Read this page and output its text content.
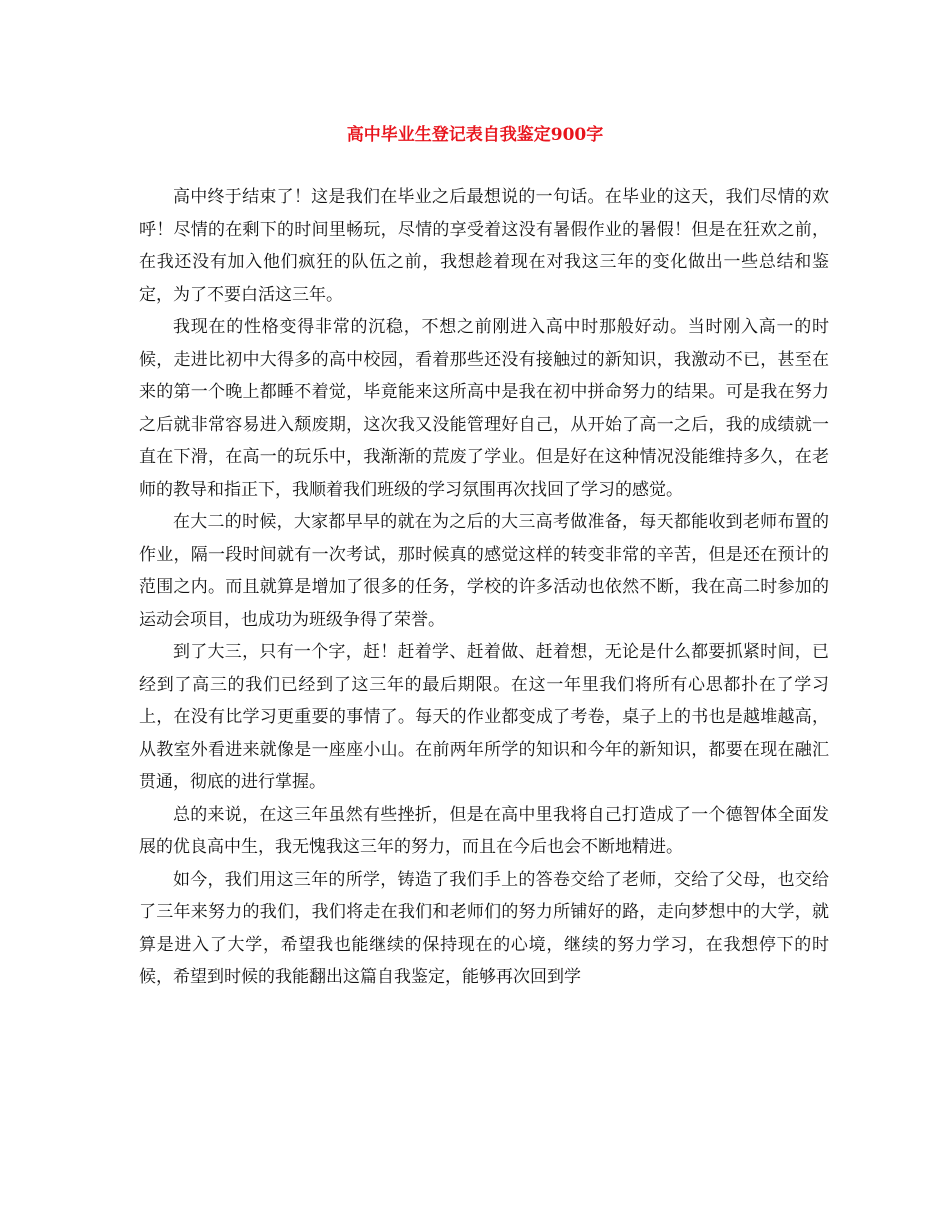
高中毕业生登记表自我鉴定900字

高中终于结束了！这是我们在毕业之后最想说的一句话。在毕业的这天，我们尽情的欢呼！尽情的在剩下的时间里畅玩，尽情的享受着这没有暑假作业的暑假！但是在狂欢之前，在我还没有加入他们疯狂的队伍之前，我想趁着现在对我这三年的变化做出一些总结和鉴定，为了不要白活这三年。

我现在的性格变得非常的沉稳，不想之前刚进入高中时那般好动。当时刚入高一的时候，走进比初中大得多的高中校园，看着那些还没有接触过的新知识，我激动不已，甚至在来的第一个晚上都睡不着觉，毕竟能来这所高中是我在初中拼命努力的结果。可是我在努力之后就非常容易进入颓废期，这次我又没能管理好自己，从开始了高一之后，我的成绩就一直在下滑，在高一的玩乐中，我渐渐的荒废了学业。但是好在这种情况没能维持多久，在老师的教导和指正下，我顺着我们班级的学习氛围再次找回了学习的感觉。

在大二的时候，大家都早早的就在为之后的大三高考做准备，每天都能收到老师布置的作业，隔一段时间就有一次考试，那时候真的感觉这样的转变非常的辛苦，但是还在预计的范围之内。而且就算是增加了很多的任务，学校的许多活动也依然不断，我在高二时参加的运动会项目，也成功为班级争得了荣誉。

到了大三，只有一个字，赶！赶着学、赶着做、赶着想，无论是什么都要抓紧时间，已经到了高三的我们已经到了这三年的最后期限。在这一年里我们将所有心思都扑在了学习上，在没有比学习更重要的事情了。每天的作业都变成了考卷，桌子上的书也是越堆越高，从教室外看进来就像是一座座小山。在前两年所学的知识和今年的新知识，都要在现在融汇贯通，彻底的进行掌握。

总的来说，在这三年虽然有些挫折，但是在高中里我将自己打造成了一个德智体全面发展的优良高中生，我无愧我这三年的努力，而且在今后也会不断地精进。

如今，我们用这三年的所学，铸造了我们手上的答卷交给了老师，交给了父母，也交给了三年来努力的我们，我们将走在我们和老师们的努力所铺好的路，走向梦想中的大学，就算是进入了大学，希望我也能继续的保持现在的心境，继续的努力学习，在我想停下的时候，希望到时候的我能翻出这篇自我鉴定，能够再次回到学
